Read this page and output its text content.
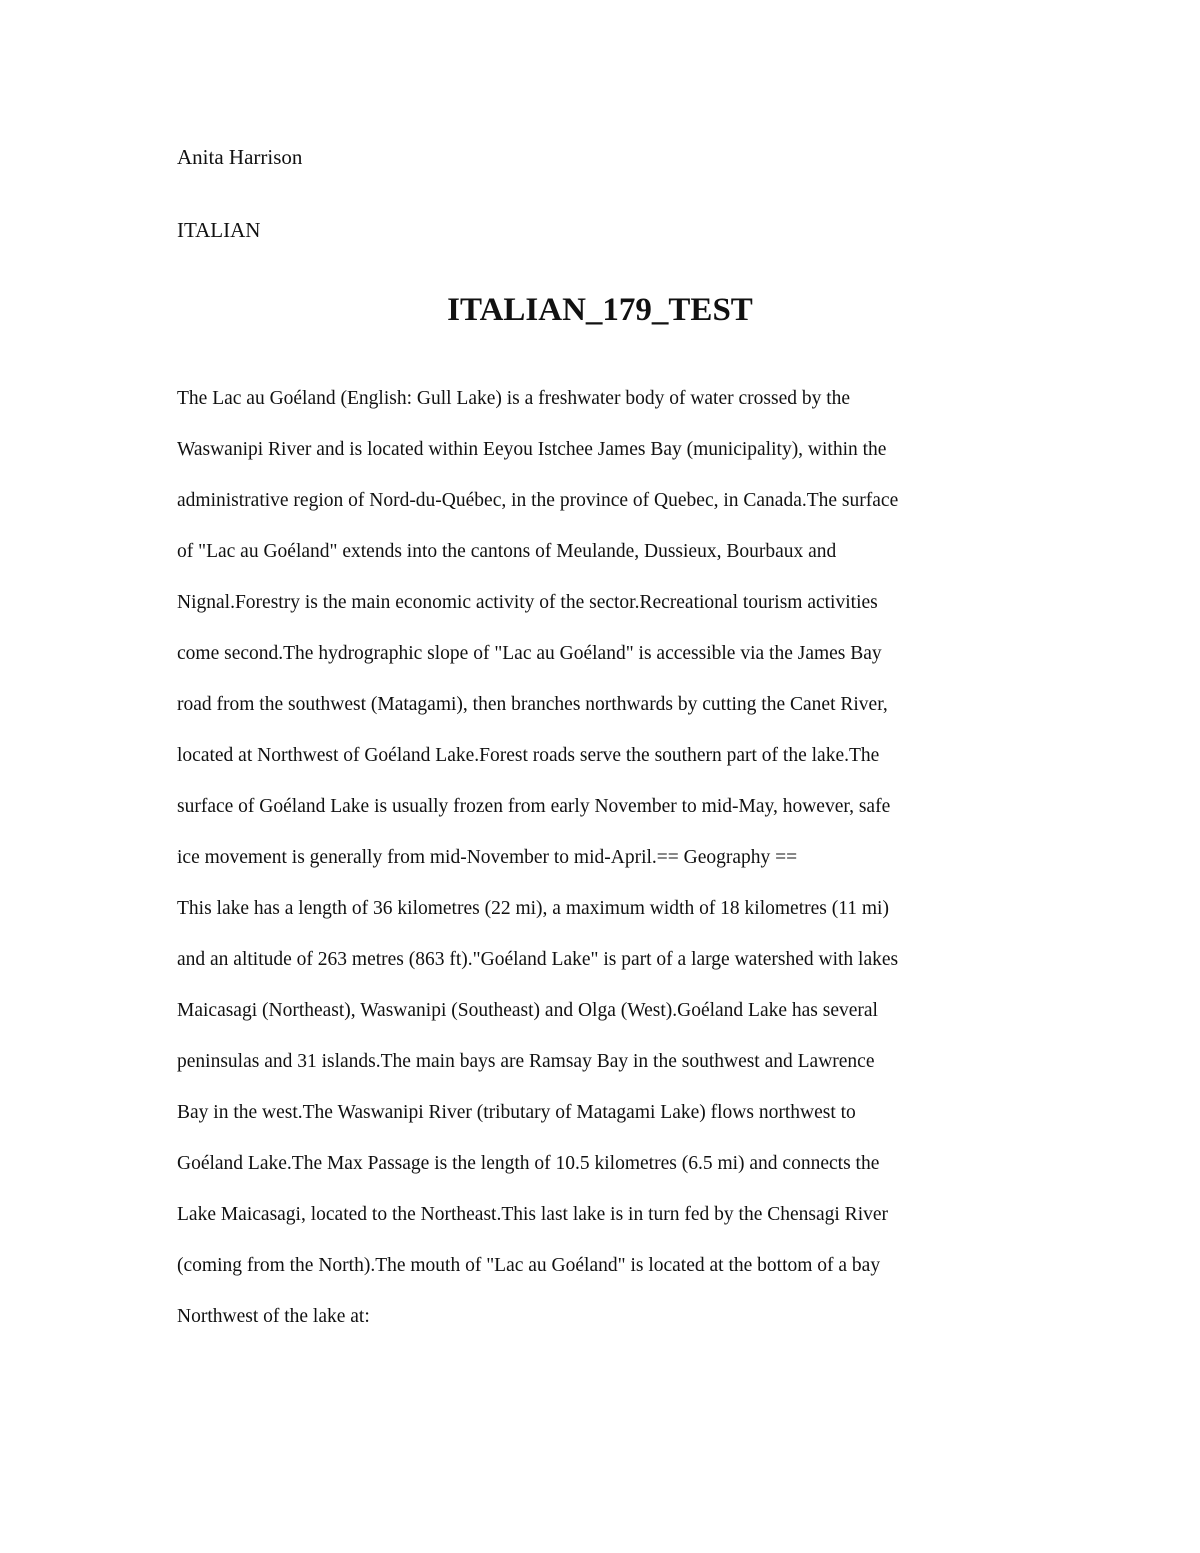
Anita Harrison
ITALIAN
ITALIAN_179_TEST
The Lac au Goéland (English: Gull Lake) is a freshwater body of water crossed by the
Waswanipi River and is located within Eeyou Istchee James Bay (municipality), within the
administrative region of Nord-du-Québec, in the province of Quebec, in Canada.The surface
of "Lac au Goéland" extends into the cantons of Meulande, Dussieux, Bourbaux and
Nignal.Forestry is the main economic activity of the sector.Recreational tourism activities
come second.The hydrographic slope of "Lac au Goéland" is accessible via the James Bay
road from the southwest (Matagami), then branches northwards by cutting the Canet River,
located at Northwest of Goéland Lake.Forest roads serve the southern part of the lake.The
surface of Goéland Lake is usually frozen from early November to mid-May, however, safe
ice movement is generally from mid-November to mid-April.== Geography ==
This lake has a length of 36 kilometres (22 mi), a maximum width of 18 kilometres (11 mi)
and an altitude of 263 metres (863 ft)."Goéland Lake" is part of a large watershed with lakes
Maicasagi (Northeast), Waswanipi (Southeast) and Olga (West).Goéland Lake has several
peninsulas and 31 islands.The main bays are Ramsay Bay in the southwest and Lawrence
Bay in the west.The Waswanipi River (tributary of Matagami Lake) flows northwest to
Goéland Lake.The Max Passage is the length of 10.5 kilometres (6.5 mi) and connects the
Lake Maicasagi, located to the Northeast.This last lake is in turn fed by the Chensagi River
(coming from the North).The mouth of "Lac au Goéland" is located at the bottom of a bay
Northwest of the lake at:
